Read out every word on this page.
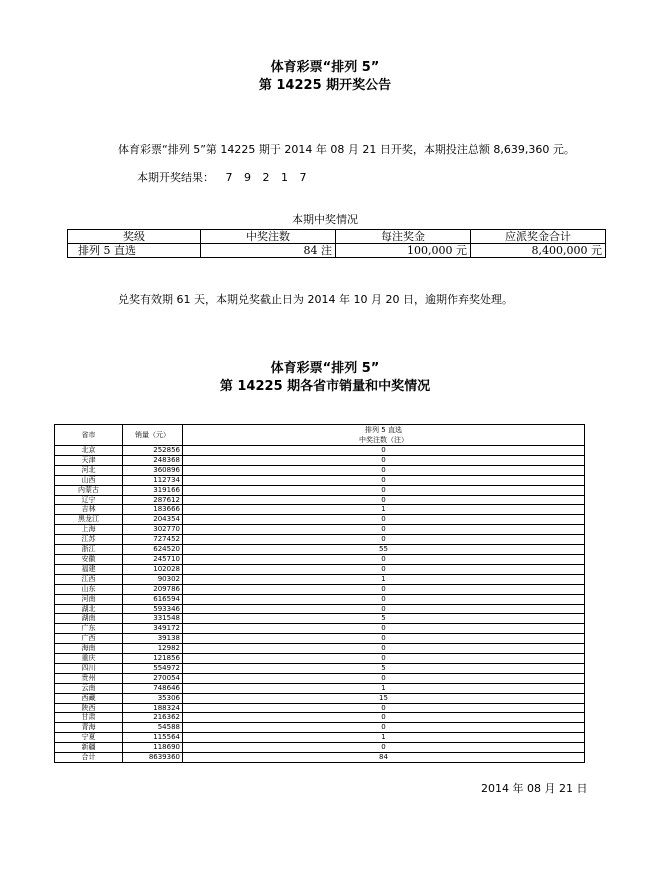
体育彩票“排列 5”
第 14225 期开奖公告
体育彩票“排列 5”第 14225 期于 2014 年 08 月 21 日开奖，本期投注总额 8,639,360 元。
本期开奖结果： 7 9 2 1 7
本期中奖情况
奖级	中奖注数	每注奖金	应派奖金合计
排列 5 直选	84 注	100,000 元	8,400,000 元
兑奖有效期 61 天，本期兑奖截止日为 2014 年 10 月 20 日，逾期作弃奖处理。
体育彩票“排列 5”
第 14225 期各省市销量和中奖情况
省市	销量（元）	排列 5 直选
中奖注数（注）

北京	252856	0
天津	248368	0
河北	360896	0
山西	112734	0
内蒙古	319166	0
辽宁	287612	0
吉林	183666	1
黑龙江	204354	0
上海	302770	0
江苏	727452	0
浙江	624520	55
安徽	245710	0
福建	102028	0
江西	90302	1
山东	209786	0
河南	616594	0
湖北	593346	0
湖南	331548	5
广东	349172	0
广西	39138	0
海南	12982	0
重庆	121856	0
四川	554972	5
贵州	270054	0
云南	748646	1
西藏	35306	15
陕西	188324	0
甘肃	216362	0
青海	54588	0
宁夏	115564	1
新疆	118690	0
合计	8639360	84
2014 年 08 月 21 日
